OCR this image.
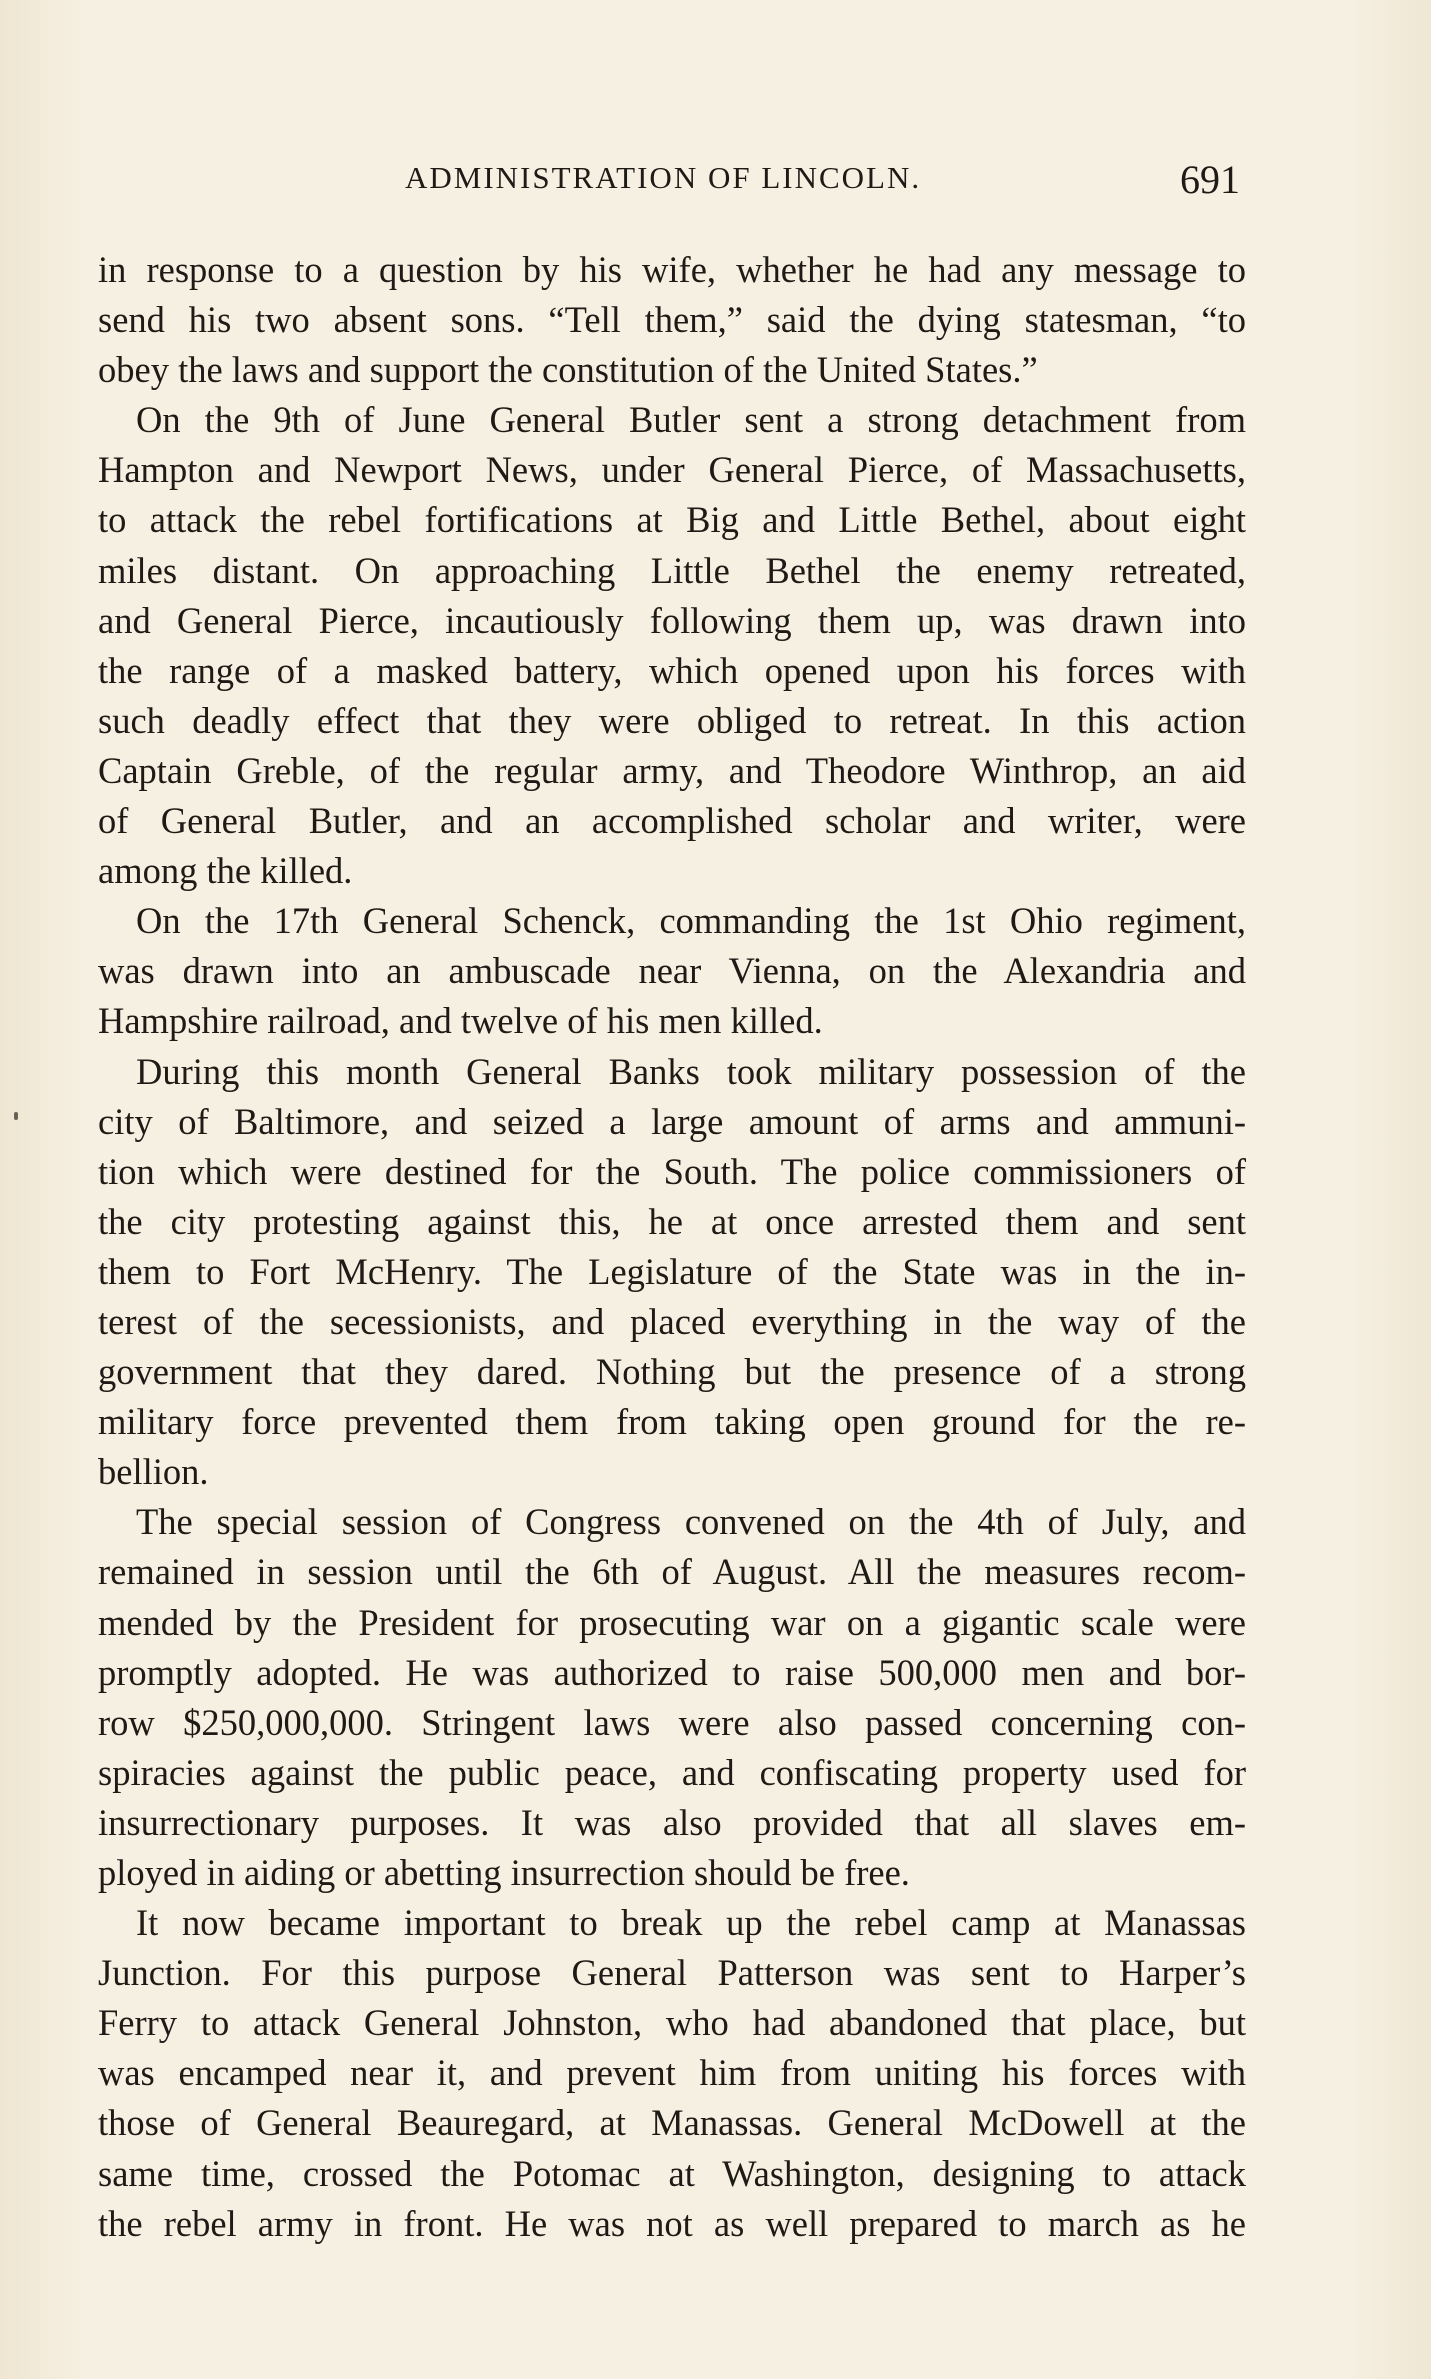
ADMINISTRATION OF LINCOLN.	691
in response to a question by his wife, whether he had any message to
send his two absent sons. “Tell them,” said the dying statesman, “to
obey the laws and support the constitution of the United States.”
On the 9th of June General Butler sent a strong detachment from
Hampton and Newport News, under General Pierce, of Massachusetts,
to attack the rebel fortifications at Big and Little Bethel, about eight
miles distant. On approaching Little Bethel the enemy retreated,
and General Pierce, incautiously following them up, was drawn into
the range of a masked battery, which opened upon his forces with
such deadly effect that they were obliged to retreat. In this action
Captain Greble, of the regular army, and Theodore Winthrop, an aid
of General Butler, and an accomplished scholar and writer, were
among the killed.
On the 17th General Schenck, commanding the 1st Ohio regiment,
was drawn into an ambuscade near Vienna, on the Alexandria and
Hampshire railroad, and twelve of his men killed.
During this month General Banks took military possession of the
city of Baltimore, and seized a large amount of arms and ammuni-
tion which were destined for the South. The police commissioners of
the city protesting against this, he at once arrested them and sent
them to Fort McHenry. The Legislature of the State was in the in-
terest of the secessionists, and placed everything in the way of the
government that they dared. Nothing but the presence of a strong
military force prevented them from taking open ground for the re-
bellion.
The special session of Congress convened on the 4th of July, and
remained in session until the 6th of August. All the measures recom-
mended by the President for prosecuting war on a gigantic scale were
promptly adopted. He was authorized to raise 500,000 men and bor-
row $250,000,000. Stringent laws were also passed concerning con-
spiracies against the public peace, and confiscating property used for
insurrectionary purposes. It was also provided that all slaves em-
ployed in aiding or abetting insurrection should be free.
It now became important to break up the rebel camp at Manassas
Junction. For this purpose General Patterson was sent to Harper’s
Ferry to attack General Johnston, who had abandoned that place, but
was encamped near it, and prevent him from uniting his forces with
those of General Beauregard, at Manassas. General McDowell at the
same time, crossed the Potomac at Washington, designing to attack
the rebel army in front. He was not as well prepared to march as he
